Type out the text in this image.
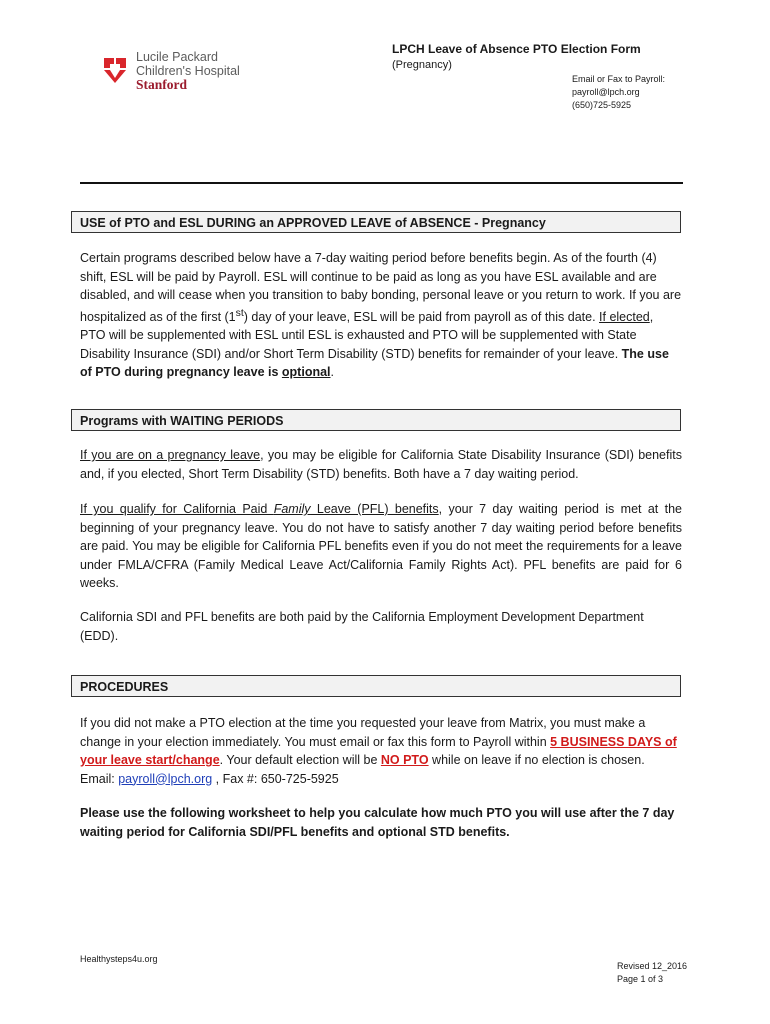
Lucile Packard
Children's Hospital
Stanford
LPCH Leave of Absence PTO Election Form
(Pregnancy)
Email or Fax to Payroll:
payroll@lpch.org
(650)725-5925
USE of PTO and ESL DURING an APPROVED LEAVE of ABSENCE - Pregnancy

Certain programs described below have a 7-day waiting period before benefits begin. As of the fourth (4) shift, ESL will be paid by Payroll. ESL will continue to be paid as long as you have ESL available and are disabled, and will cease when you transition to baby bonding, personal leave or you return to work. If you are hospitalized as of the first (1st) day of your leave, ESL will be paid from payroll as of this date. If elected, PTO will be supplemented with ESL until ESL is exhausted and PTO will be supplemented with State Disability Insurance (SDI) and/or Short Term Disability (STD) benefits for remainder of your leave. The use of PTO during pregnancy leave is optional.

Programs with WAITING PERIODS

If you are on a pregnancy leave, you may be eligible for California State Disability Insurance (SDI) benefits and, if you elected, Short Term Disability (STD) benefits. Both have a 7 day waiting period.

If you qualify for California Paid Family Leave (PFL) benefits, your 7 day waiting period is met at the beginning of your pregnancy leave. You do not have to satisfy another 7 day waiting period before benefits are paid. You may be eligible for California PFL benefits even if you do not meet the requirements for a leave under FMLA/CFRA (Family Medical Leave Act/California Family Rights Act). PFL benefits are paid for 6 weeks.

California SDI and PFL benefits are both paid by the California Employment Development Department (EDD).

PROCEDURES

If you did not make a PTO election at the time you requested your leave from Matrix, you must make a change in your election immediately. You must email or fax this form to Payroll within 5 BUSINESS DAYS of your leave start/change. Your default election will be NO PTO while on leave if no election is chosen. Email: payroll@lpch.org , Fax #: 650-725-5925

Please use the following worksheet to help you calculate how much PTO you will use after the 7 day waiting period for California SDI/PFL benefits and optional STD benefits.

Healthysteps4u.org
Revised 12_2016
Page 1 of 3
